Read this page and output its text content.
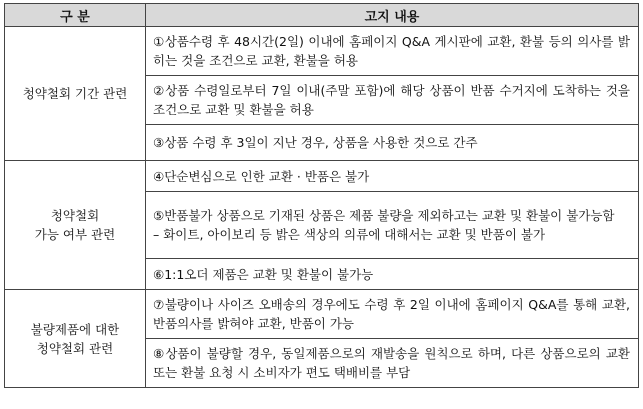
구 분	고지 내용

청약철회 기간 관련	①상품수령 후 48시간(2일) 이내에 홈페이지 Q&A 게시판에 교환, 환불 등의 의사를 밝히는 것을 조건으로 교환, 환불을 허용
	②상품 수령일로부터 7일 이내(주말 포함)에 해당 상품이 반품 수거지에 도착하는 것을 조건으로 교환 및 환불을 허용
	③상품 수령 후 3일이 지난 경우, 상품을 사용한 것으로 간주

청약철회
가능 여부 관련	④단순변심으로 인한 교환 · 반품은 불가

	⑤반품불가 상품으로 기재된 상품은 제품 불량을 제외하고는 교환 및 환불이 불가능함
– 화이트, 아이보리 등 밝은 색상의 의류에 대해서는 교환 및 반품이 불가

	⑥1:1오더 제품은 교환 및 환불이 불가능

불량제품에 대한
청약철회 관련	⑦불량이나 사이즈 오배송의 경우에도 수령 후 2일 이내에 홈페이지 Q&A를 통해 교환, 반품의사를 밝혀야 교환, 반품이 가능
	⑧상품이 불량할 경우, 동일제품으로의 재발송을 원칙으로 하며, 다른 상품으로의 교환 또는 환불 요청 시 소비자가 편도 택배비를 부담
